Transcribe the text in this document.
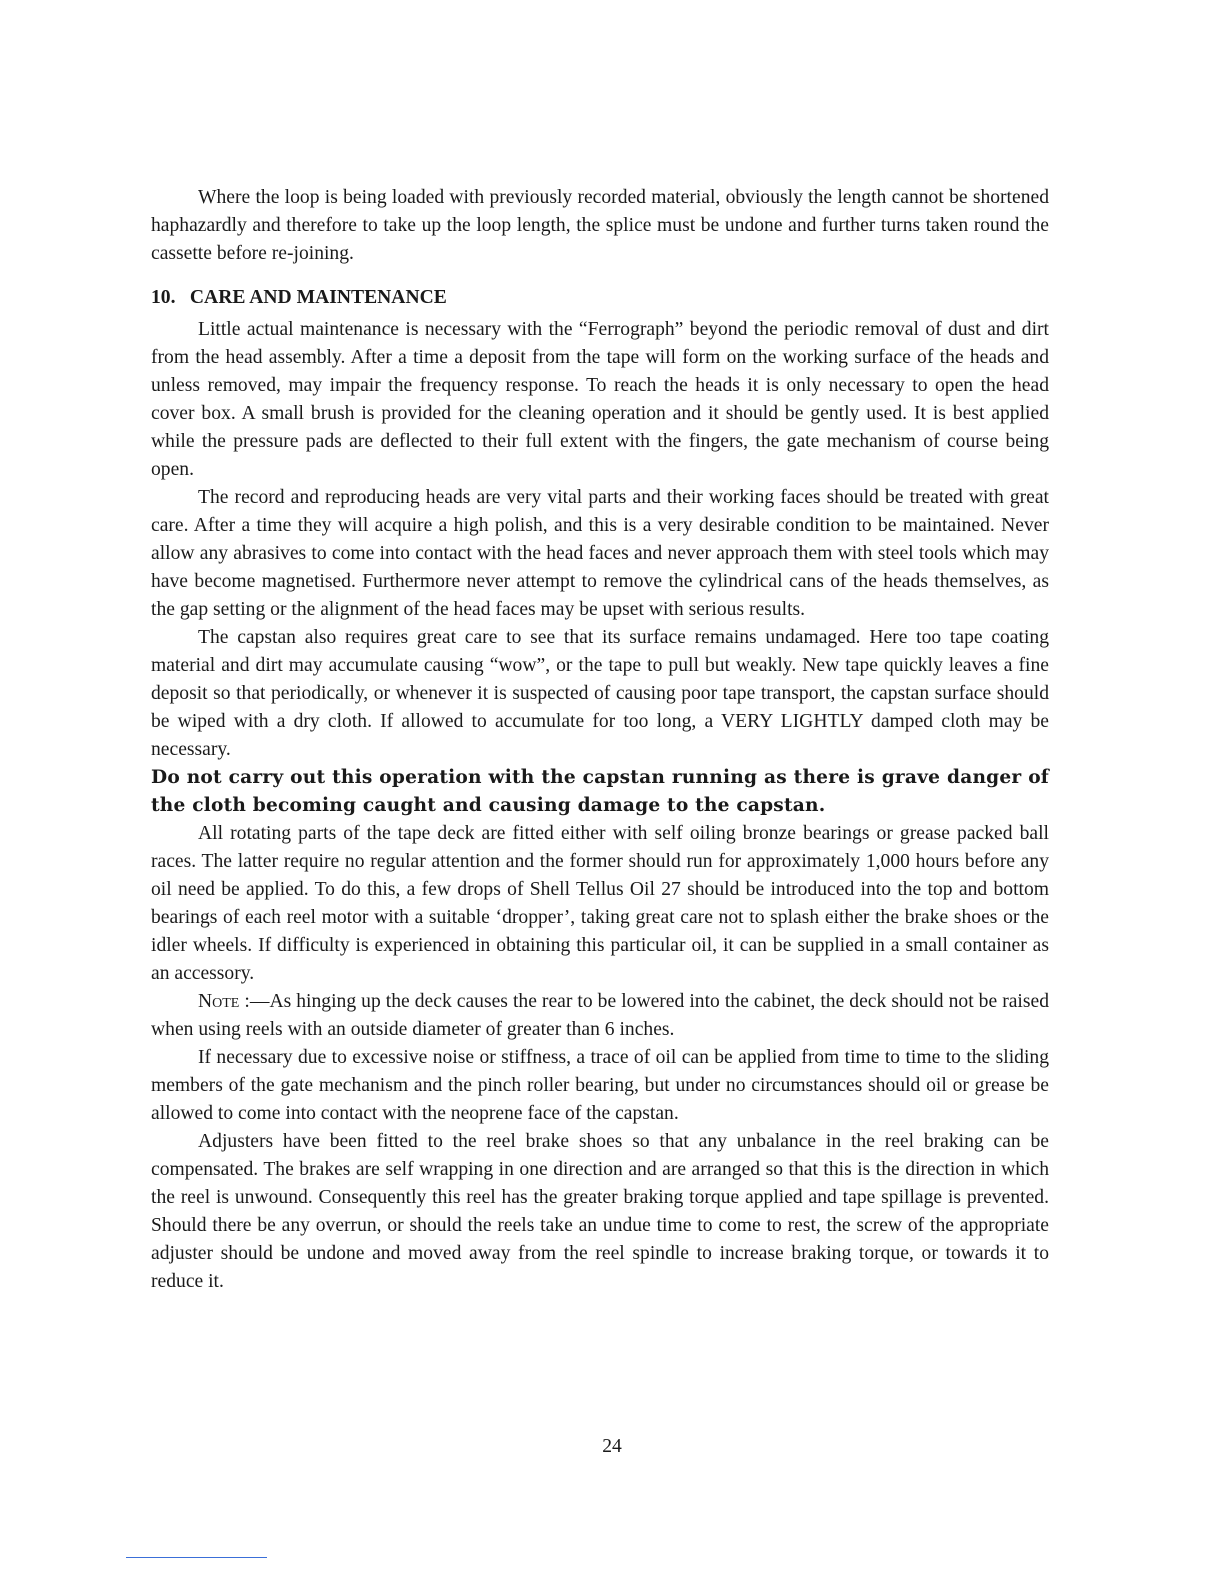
Where the loop is being loaded with previously recorded material, obviously the length cannot be shortened haphazardly and therefore to take up the loop length, the splice must be undone and further turns taken round the cassette before re-joining.

10. CARE AND MAINTENANCE

Little actual maintenance is necessary with the “Ferrograph” beyond the periodic removal of dust and dirt from the head assembly. After a time a deposit from the tape will form on the working surface of the heads and unless removed, may impair the frequency response. To reach the heads it is only necessary to open the head cover box. A small brush is provided for the cleaning operation and it should be gently used. It is best applied while the pressure pads are deflected to their full extent with the fingers, the gate mechanism of course being open.

The record and reproducing heads are very vital parts and their working faces should be treated with great care. After a time they will acquire a high polish, and this is a very desirable condition to be maintained. Never allow any abrasives to come into contact with the head faces and never approach them with steel tools which may have become magnetised. Furthermore never attempt to remove the cylindrical cans of the heads themselves, as the gap setting or the alignment of the head faces may be upset with serious results.

The capstan also requires great care to see that its surface remains undamaged. Here too tape coating material and dirt may accumulate causing “wow”, or the tape to pull but weakly. New tape quickly leaves a fine deposit so that periodically, or whenever it is suspected of causing poor tape transport, the capstan surface should be wiped with a dry cloth. If allowed to accumulate for too long, a VERY LIGHTLY damped cloth may be necessary.

Do not carry out this operation with the capstan running as there is grave danger of the cloth becoming caught and causing damage to the capstan.

All rotating parts of the tape deck are fitted either with self oiling bronze bearings or grease packed ball races. The latter require no regular attention and the former should run for approximately 1,000 hours before any oil need be applied. To do this, a few drops of Shell Tellus Oil 27 should be introduced into the top and bottom bearings of each reel motor with a suitable ‘dropper’, taking great care not to splash either the brake shoes or the idler wheels. If difficulty is experienced in obtaining this particular oil, it can be supplied in a small container as an accessory.

Note :—As hinging up the deck causes the rear to be lowered into the cabinet, the deck should not be raised when using reels with an outside diameter of greater than 6 inches.

If necessary due to excessive noise or stiffness, a trace of oil can be applied from time to time to the sliding members of the gate mechanism and the pinch roller bearing, but under no circumstances should oil or grease be allowed to come into contact with the neoprene face of the capstan.

Adjusters have been fitted to the reel brake shoes so that any unbalance in the reel braking can be compensated. The brakes are self wrapping in one direction and are arranged so that this is the direction in which the reel is unwound. Consequently this reel has the greater braking torque applied and tape spillage is prevented. Should there be any overrun, or should the reels take an undue time to come to rest, the screw of the appropriate adjuster should be undone and moved away from the reel spindle to increase braking torque, or towards it to reduce it.

24
